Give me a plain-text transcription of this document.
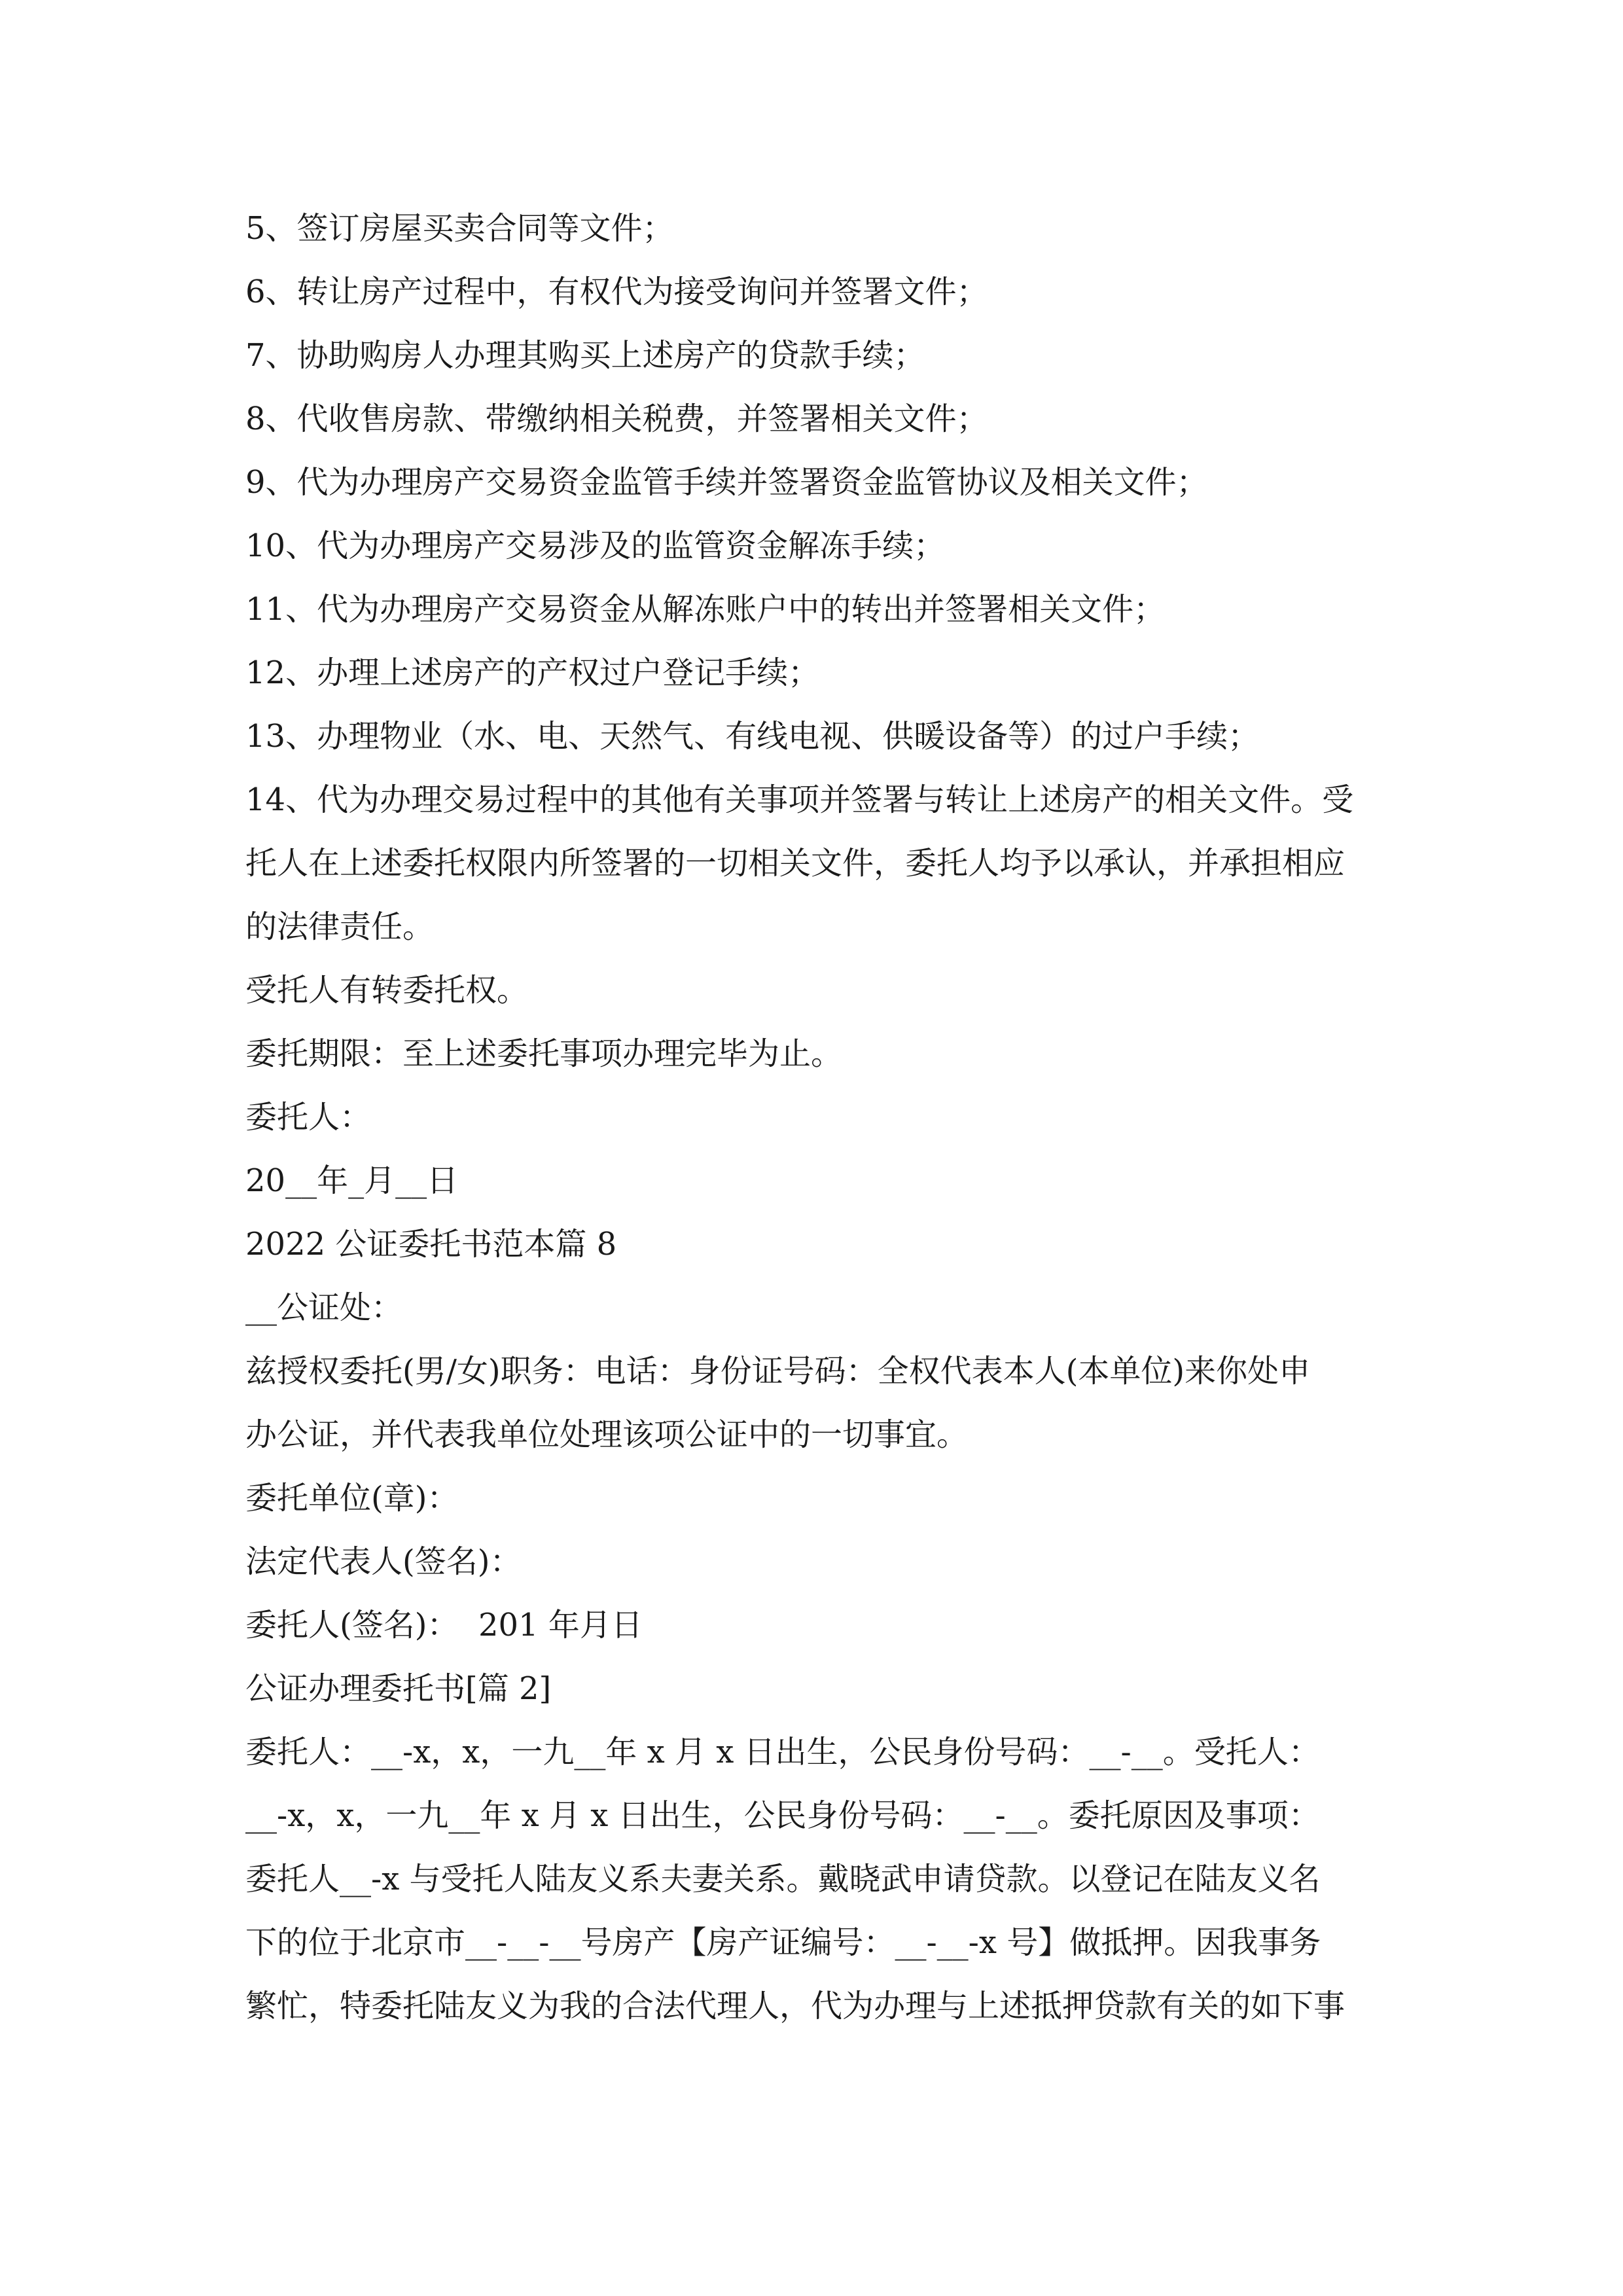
5、签订房屋买卖合同等文件；
6、转让房产过程中，有权代为接受询问并签署文件；
7、协助购房人办理其购买上述房产的贷款手续；
8、代收售房款、带缴纳相关税费，并签署相关文件；
9、代为办理房产交易资金监管手续并签署资金监管协议及相关文件；
10、代为办理房产交易涉及的监管资金解冻手续；
11、代为办理房产交易资金从解冻账户中的转出并签署相关文件；
12、办理上述房产的产权过户登记手续；
13、办理物业（水、电、天然气、有线电视、供暖设备等）的过户手续；
14、代为办理交易过程中的其他有关事项并签署与转让上述房产的相关文件。受
托人在上述委托权限内所签署的一切相关文件，委托人均予以承认，并承担相应
的法律责任。
受托人有转委托权。
委托期限：至上述委托事项办理完毕为止。
委托人：
20__年_月__日
2022 公证委托书范本篇 8
__公证处：
兹授权委托(男/女)职务：电话：身份证号码：全权代表本人(本单位)来你处申
办公证，并代表我单位处理该项公证中的一切事宜。
委托单位(章)：
法定代表人(签名)：
委托人(签名)：  201 年月日
公证办理委托书[篇 2]
委托人：__-x，x，一九__年 x 月 x 日出生，公民身份号码：__-__。受托人：
__-x，x，一九__年 x 月 x 日出生，公民身份号码：__-__。委托原因及事项：
委托人__-x 与受托人陆友义系夫妻关系。戴晓武申请贷款。以登记在陆友义名
下的位于北京市__-__-__号房产【房产证编号：__-__-x 号】做抵押。因我事务
繁忙，特委托陆友义为我的合法代理人，代为办理与上述抵押贷款有关的如下事
